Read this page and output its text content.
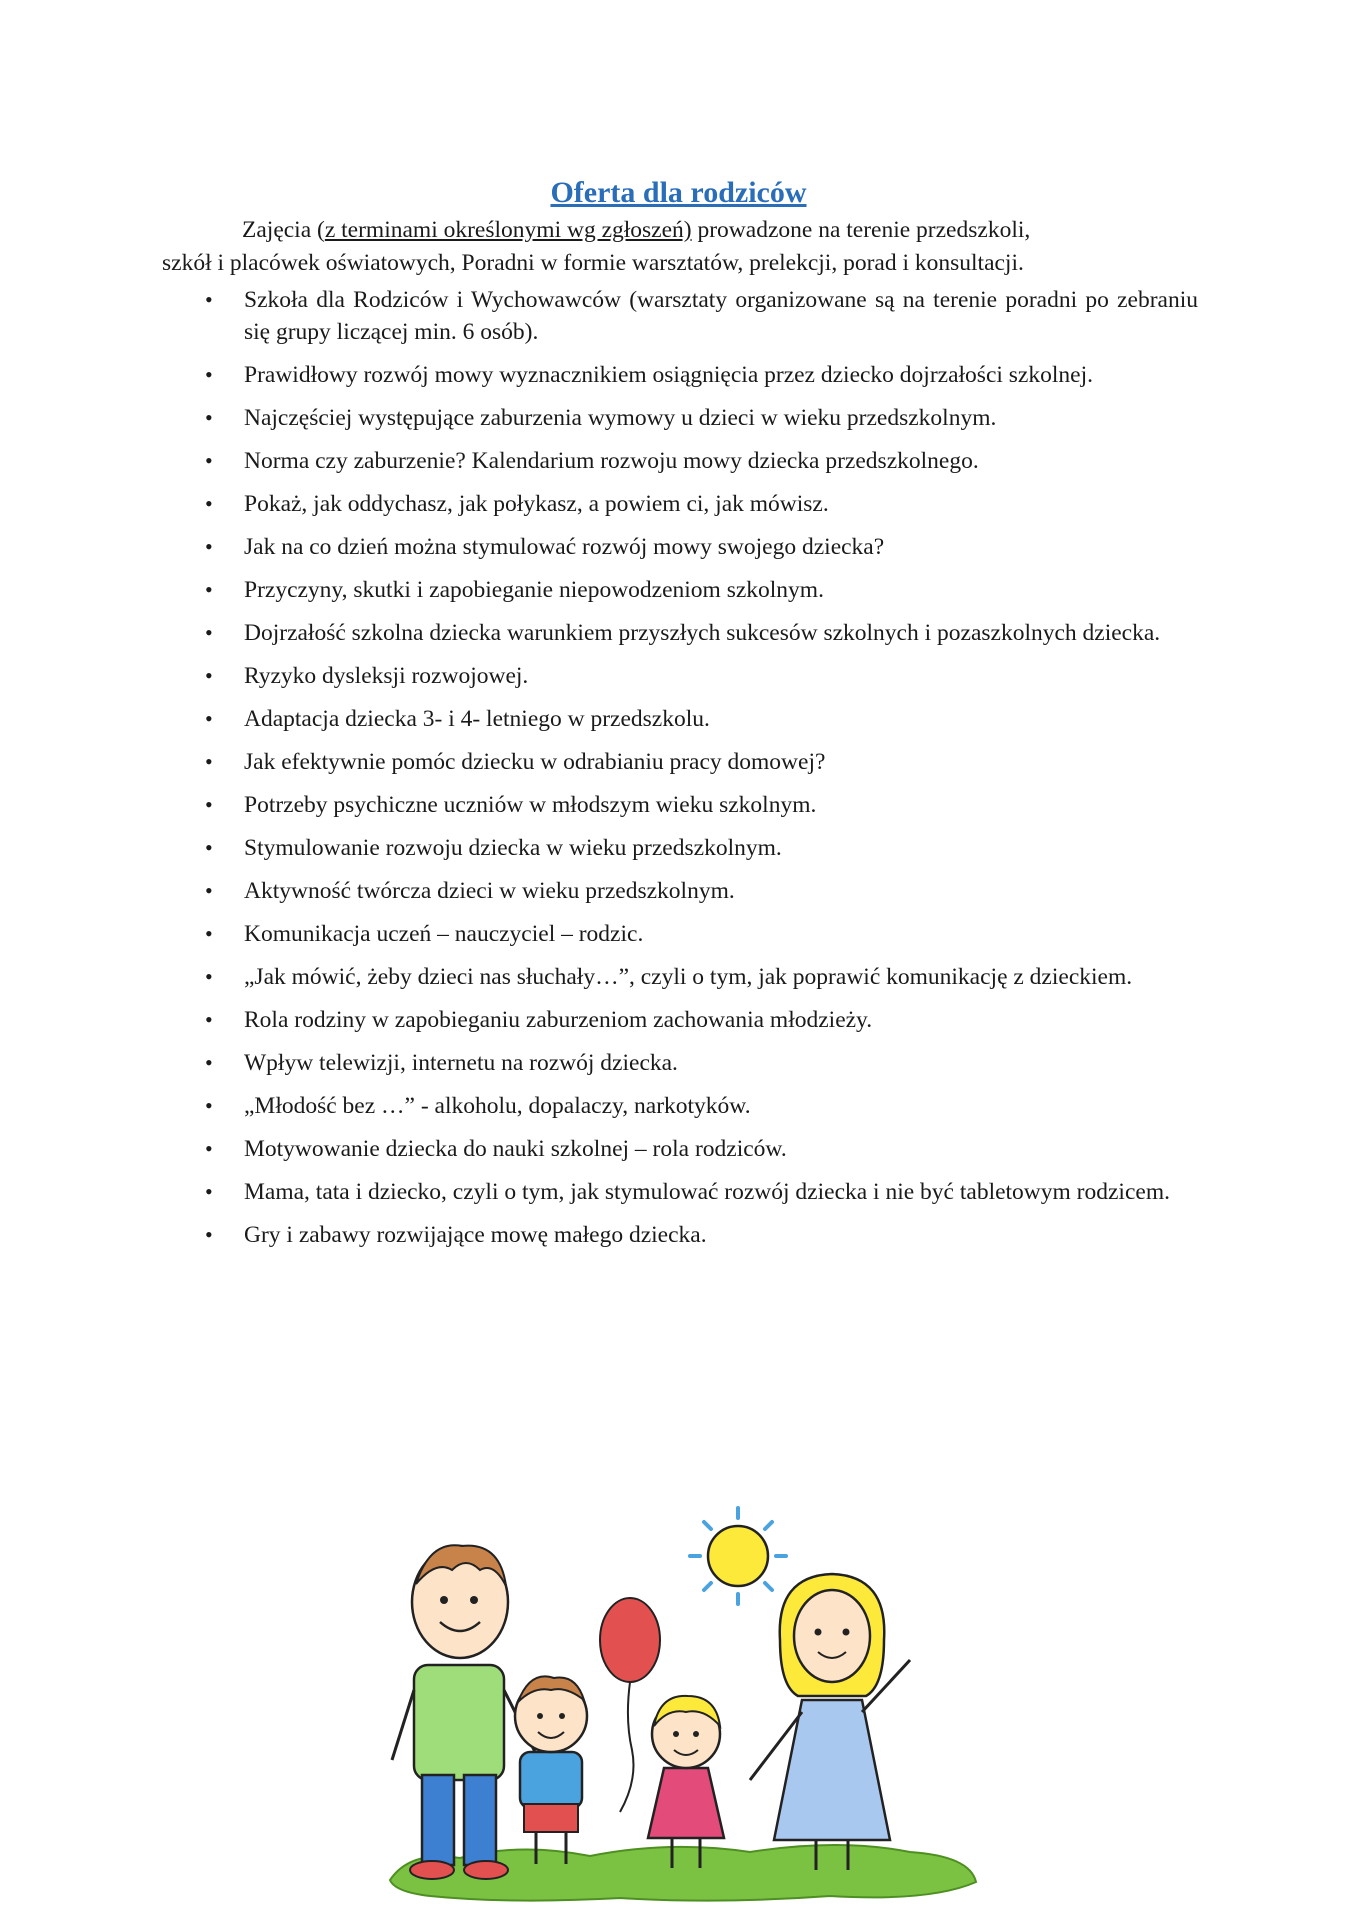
Oferta dla rodziców
Zajęcia (z terminami określonymi wg zgłoszeń) prowadzone na terenie przedszkoli,
szkół i placówek oświatowych, Poradni w formie warsztatów, prelekcji, porad i konsultacji.
• Szkoła dla Rodziców i Wychowawców (warsztaty organizowane są na terenie poradni po zebraniu się grupy liczącej min. 6 osób).
• Prawidłowy rozwój mowy wyznacznikiem osiągnięcia przez dziecko dojrzałości szkolnej.
• Najczęściej występujące zaburzenia wymowy u dzieci w wieku przedszkolnym.
• Norma czy zaburzenie? Kalendarium rozwoju mowy dziecka przedszkolnego.
• Pokaż, jak oddychasz, jak połykasz, a powiem ci, jak mówisz.
• Jak na co dzień można stymulować rozwój mowy swojego dziecka?
• Przyczyny, skutki i zapobieganie niepowodzeniom szkolnym.
• Dojrzałość szkolna dziecka warunkiem przyszłych sukcesów szkolnych i pozaszkolnych dziecka.
• Ryzyko dysleksji rozwojowej.
• Adaptacja dziecka 3- i 4- letniego w przedszkolu.
• Jak efektywnie pomóc dziecku w odrabianiu pracy domowej?
• Potrzeby psychiczne uczniów w młodszym wieku szkolnym.
• Stymulowanie rozwoju dziecka w wieku przedszkolnym.
• Aktywność twórcza dzieci w wieku przedszkolnym.
• Komunikacja uczeń – nauczyciel – rodzic.
• „Jak mówić, żeby dzieci nas słuchały…”, czyli o tym, jak poprawić komunikację z dzieckiem.
• Rola rodziny w zapobieganiu zaburzeniom zachowania młodzieży.
• Wpływ telewizji, internetu na rozwój dziecka.
• „Młodość bez …” - alkoholu, dopalaczy, narkotyków.
• Motywowanie dziecka do nauki szkolnej – rola rodziców.
• Mama, tata i dziecko, czyli o tym, jak stymulować rozwój dziecka i nie być tabletowym rodzicem.
• Gry i zabawy rozwijające mowę małego dziecka.
